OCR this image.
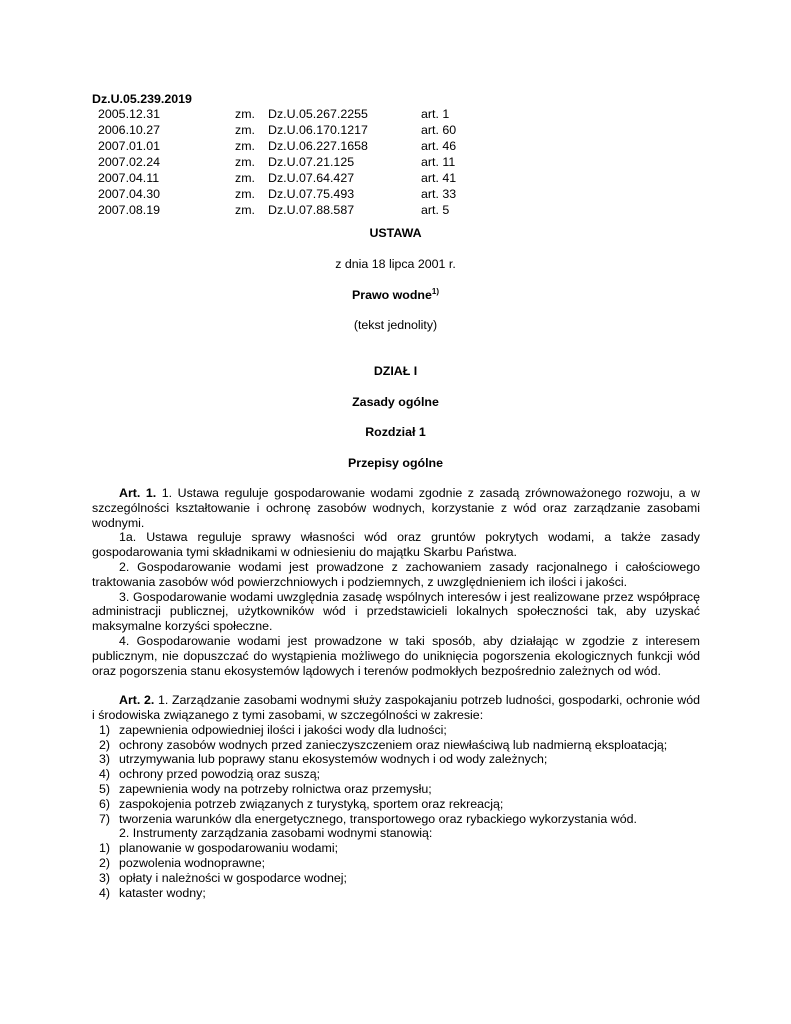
Dz.U.05.239.2019
2005.12.31	zm. Dz.U.05.267.2255	art. 1
2006.10.27	zm. Dz.U.06.170.1217	art. 60
2007.01.01	zm. Dz.U.06.227.1658	art. 46
2007.02.24	zm. Dz.U.07.21.125	art. 11
2007.04.11	zm. Dz.U.07.64.427	art. 41
2007.04.30	zm. Dz.U.07.75.493	art. 33
2007.08.19	zm. Dz.U.07.88.587	art. 5
USTAWA
z dnia 18 lipca 2001 r.
Prawo wodne$^{1)}$
(tekst jednolity)
DZIAŁ I
Zasady ogólne
Rozdział 1
Przepisy ogólne

Art. 1. 1. Ustawa reguluje gospodarowanie wodami zgodnie z zasadą zrównoważonego rozwoju, a w szczególności kształtowanie i ochronę zasobów wodnych, korzystanie z wód oraz zarządzanie zasobami wodnymi.

1a. Ustawa reguluje sprawy własności wód oraz gruntów pokrytych wodami, a także zasady gospodarowania tymi składnikami w odniesieniu do majątku Skarbu Państwa.

2. Gospodarowanie wodami jest prowadzone z zachowaniem zasady racjonalnego i całościowego traktowania zasobów wód powierzchniowych i podziemnych, z uwzględnieniem ich ilości i jakości.

3. Gospodarowanie wodami uwzględnia zasadę wspólnych interesów i jest realizowane przez współpracę administracji publicznej, użytkowników wód i przedstawicieli lokalnych społeczności tak, aby uzyskać maksymalne korzyści społeczne.

4. Gospodarowanie wodami jest prowadzone w taki sposób, aby działając w zgodzie z interesem publicznym, nie dopuszczać do wystąpienia możliwego do uniknięcia pogorszenia ekologicznych funkcji wód oraz pogorszenia stanu ekosystemów lądowych i terenów podmokłych bezpośrednio zależnych od wód.

Art. 2. 1. Zarządzanie zasobami wodnymi służy zaspokajaniu potrzeb ludności, gospodarki, ochronie wód i środowiska związanego z tymi zasobami, w szczególności w zakresie:

1) zapewnienia odpowiedniej ilości i jakości wody dla ludności;

2) ochrony zasobów wodnych przed zanieczyszczeniem oraz niewłaściwą lub nadmierną eksploatacją;

3) utrzymywania lub poprawy stanu ekosystemów wodnych i od wody zależnych;

4) ochrony przed powodzią oraz suszą;

5) zapewnienia wody na potrzeby rolnictwa oraz przemysłu;

6) zaspokojenia potrzeb związanych z turystyką, sportem oraz rekreacją;

7) tworzenia warunków dla energetycznego, transportowego oraz rybackiego wykorzystania wód.

2. Instrumenty zarządzania zasobami wodnymi stanowią:

1) planowanie w gospodarowaniu wodami;

2) pozwolenia wodnoprawne;

3) opłaty i należności w gospodarce wodnej;

4) kataster wodny;
